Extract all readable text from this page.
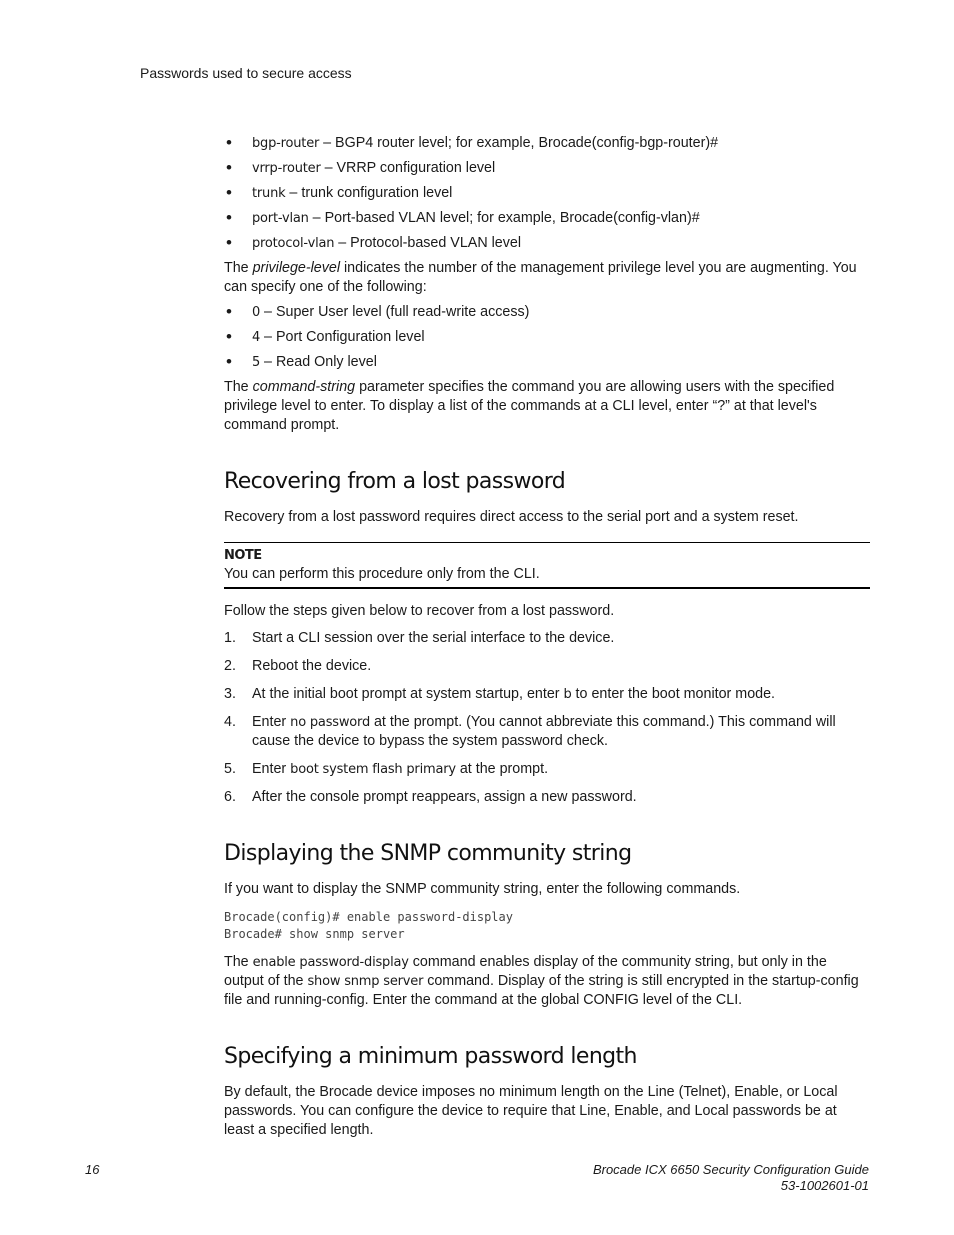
Passwords used to secure access
• bgp-router – BGP4 router level; for example, Brocade(config-bgp-router)#
• vrrp-router – VRRP configuration level
• trunk – trunk configuration level
• port-vlan – Port-based VLAN level; for example, Brocade(config-vlan)#
• protocol-vlan – Protocol-based VLAN level

The privilege-level indicates the number of the management privilege level you are augmenting. You can specify one of the following:

• 0 – Super User level (full read-write access)
• 4 – Port Configuration level
• 5 – Read Only level

The command-string parameter specifies the command you are allowing users with the specified privilege level to enter. To display a list of the commands at a CLI level, enter “?” at that level's command prompt.

Recovering from a lost password

Recovery from a lost password requires direct access to the serial port and a system reset.

NOTE
You can perform this procedure only from the CLI.

Follow the steps given below to recover from a lost password.

1. Start a CLI session over the serial interface to the device.
2. Reboot the device.
3. At the initial boot prompt at system startup, enter b to enter the boot monitor mode.
4. Enter no password at the prompt. (You cannot abbreviate this command.) This command will cause the device to bypass the system password check.
5. Enter boot system flash primary at the prompt.
6. After the console prompt reappears, assign a new password.
Displaying the SNMP community string

If you want to display the SNMP community string, enter the following commands.

Brocade(config)# enable password-display
Brocade# show snmp server

The enable password-display command enables display of the community string, but only in the output of the show snmp server command. Display of the string is still encrypted in the startup-config file and running-config. Enter the command at the global CONFIG level of the CLI.

Specifying a minimum password length

By default, the Brocade device imposes no minimum length on the Line (Telnet), Enable, or Local passwords. You can configure the device to require that Line, Enable, and Local passwords be at least a specified length.

16	Brocade ICX 6650 Security Configuration Guide
53-1002601-01
